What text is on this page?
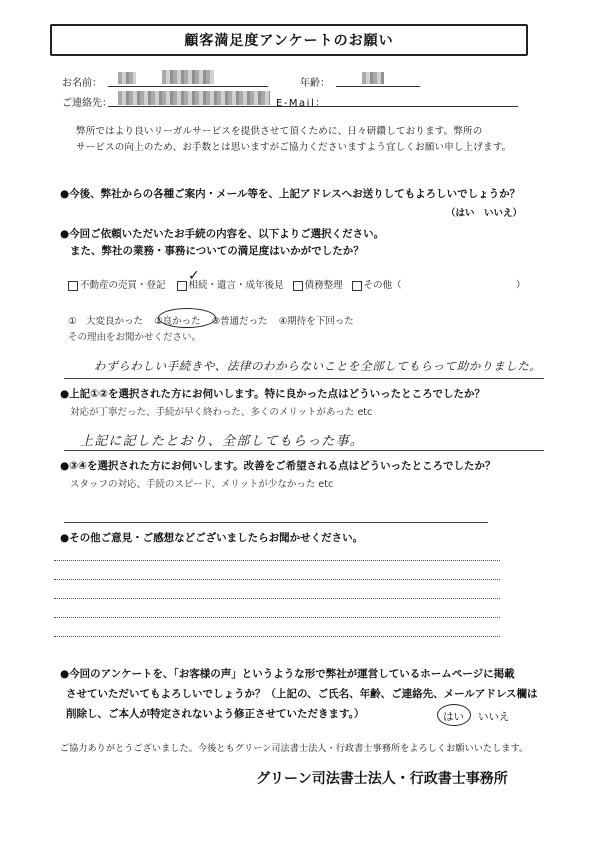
顧客満足度アンケートのお願い
お名前：	年齢：
ご連絡先：	E-Mail：
弊所ではより良いリーガルサービスを提供させて頂くために、日々研鑽しております。弊所の
サービスの向上のため、お手数とは思いますがご協力くださいますよう宜しくお願い申し上げます。
●今後、弊社からの各種ご案内・メール等を、上記アドレスへお送りしてもよろしいでしょうか？
（はい　いいえ）
●今回ご依頼いただいたお手続の内容を、以下よりご選択ください。
また、弊社の業務・事務についての満足度はいかがでしたか？
不動産の売買・登記 相続・遺言・成年後見 債務整理 その他（	）
✓
①　大変良かった ②良かった ③普通だった ④期待を下回った
その理由をお聞かせください。
わずらわしい手続きや、法律のわからないことを全部してもらって助かりました。
●上記①②を選択された方にお伺いします。特に良かった点はどういったところでしたか？
対応が丁寧だった、手続が早く終わった、多くのメリットがあった etc
上記に記したとおり、全部してもらった事。
●③④を選択された方にお伺いします。改善をご希望される点はどういったところでしたか？
スタッフの対応、手続のスピード、メリットが少なかった etc
●その他ご意見・ご感想などございましたらお聞かせください。
●今回のアンケートを、「お客様の声」というような形で弊社が運営しているホームページに掲載
させていただいてもよろしいでしょうか？（上記の、ご氏名、年齢、ご連絡先、メールアドレス欄は
削除し、ご本人が特定されないよう修正させていただきます。）	はい いいえ
ご協力ありがとうございました。今後ともグリーン司法書士法人・行政書士事務所をよろしくお願いいたします。
グリーン司法書士法人・行政書士事務所
